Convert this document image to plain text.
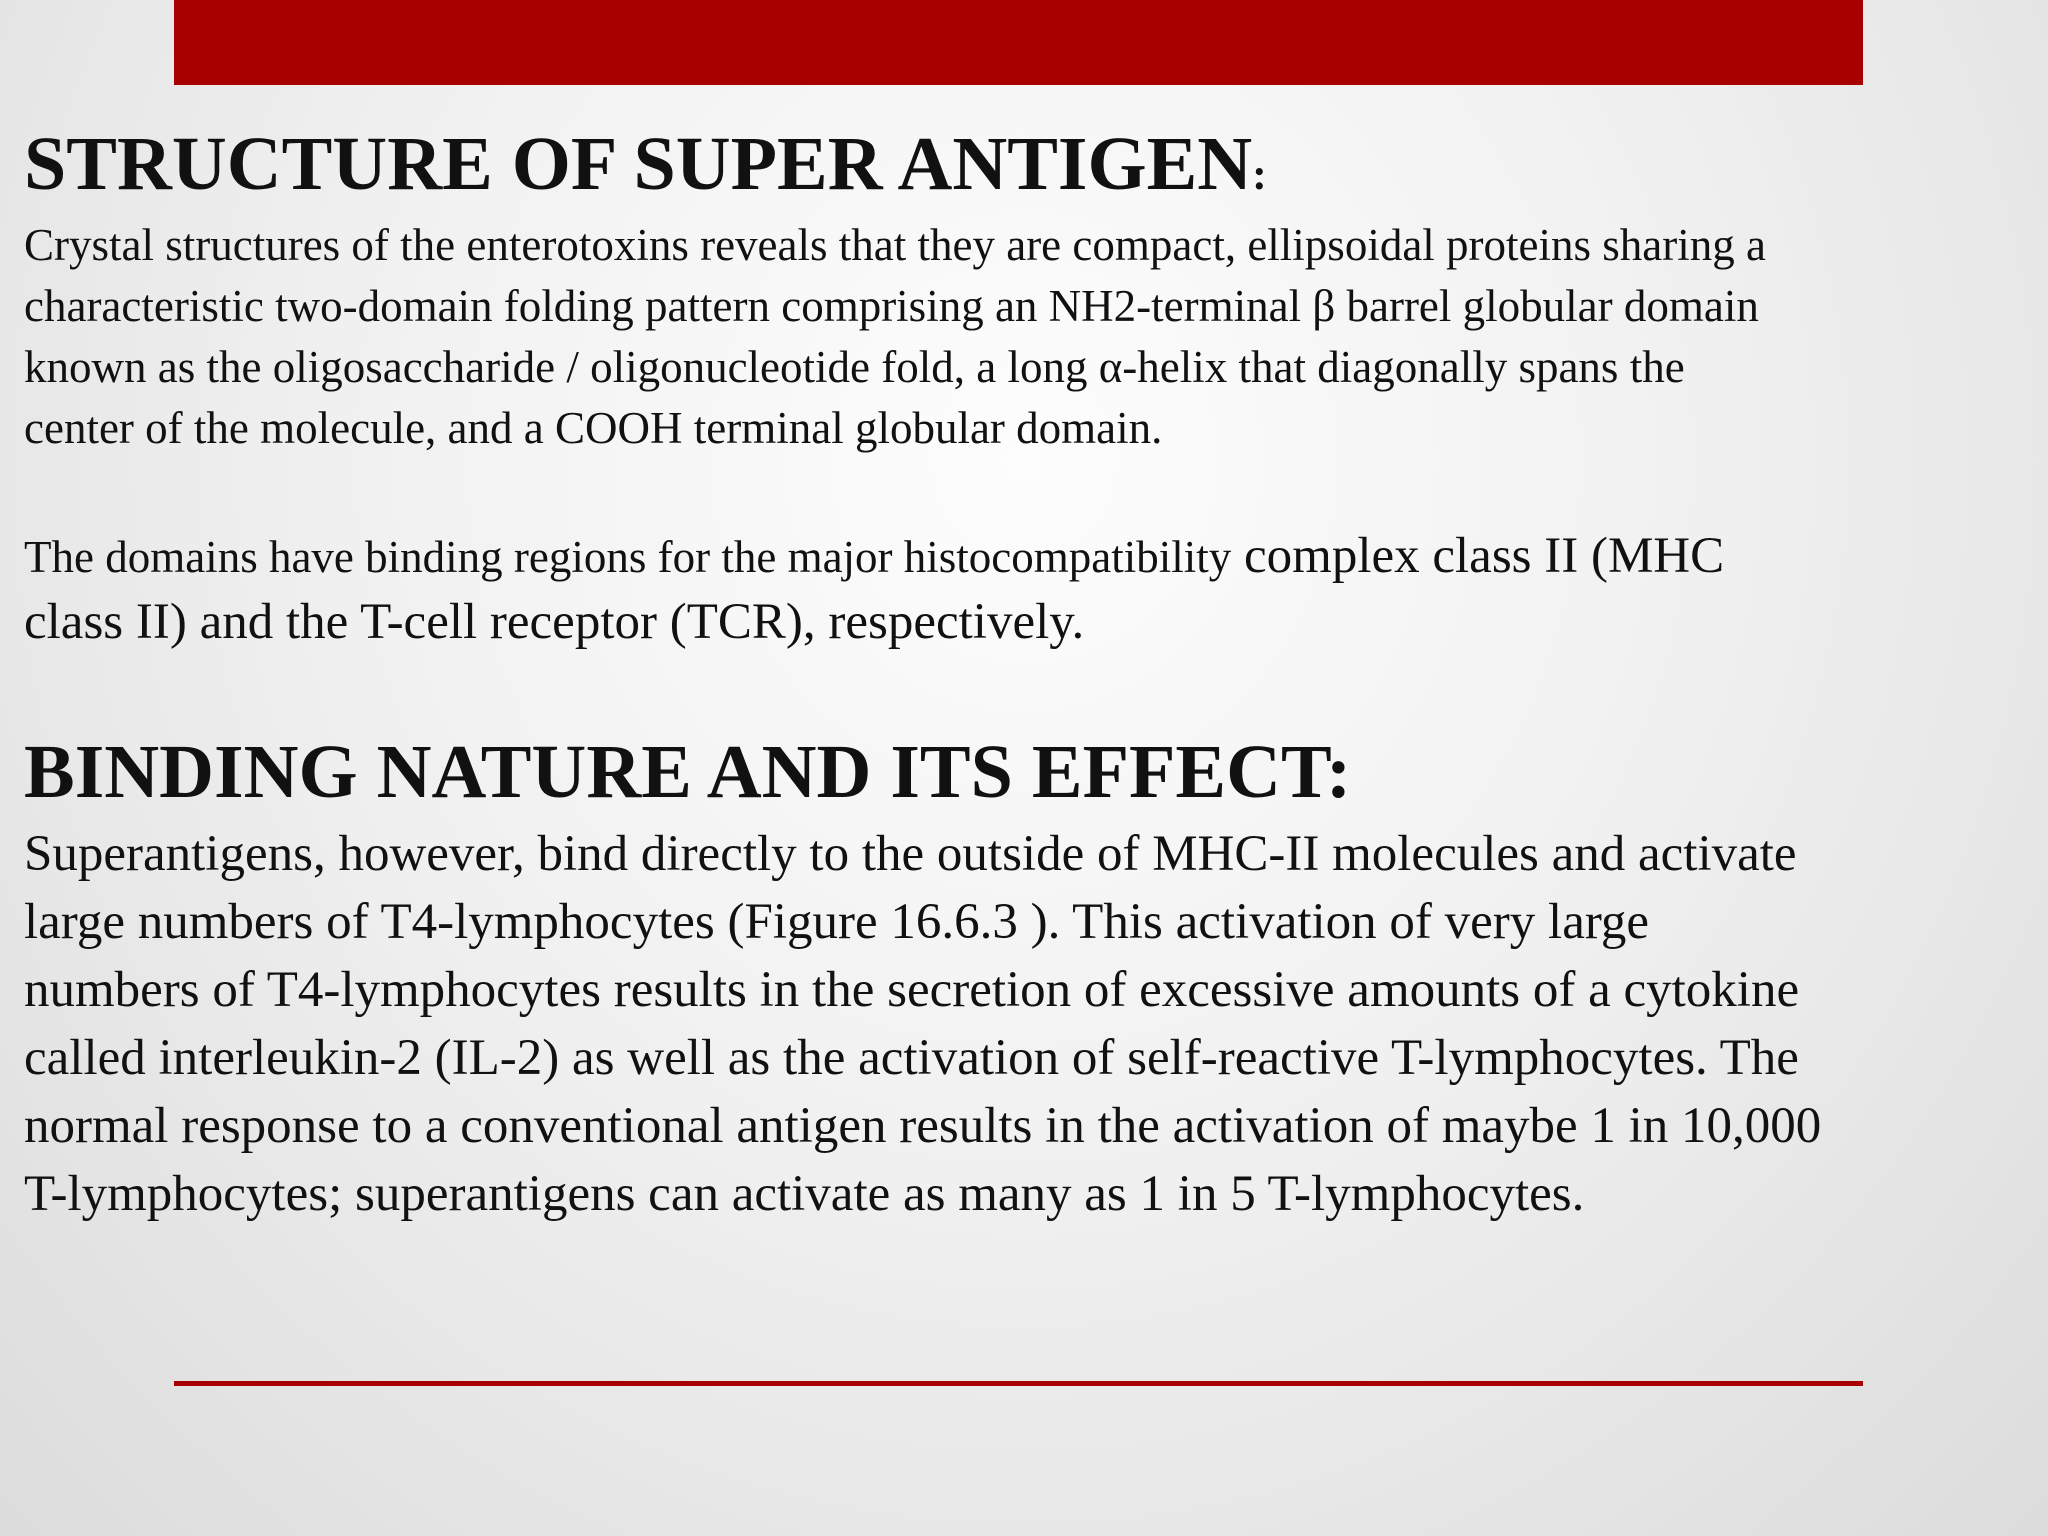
STRUCTURE OF SUPER ANTIGEN:

Crystal structures of the enterotoxins reveals that they are compact, ellipsoidal proteins sharing a
characteristic two-domain folding pattern comprising an NH2-terminal β barrel globular domain
known as the oligosaccharide / oligonucleotide fold, a long α-helix that diagonally spans the
center of the molecule, and a COOH terminal globular domain.

The domains have binding regions for the major histocompatibility complex class II (MHC
class II) and the T-cell receptor (TCR), respectively.

BINDING NATURE AND ITS EFFECT:

Superantigens, however, bind directly to the outside of MHC-II molecules and activate
large numbers of T4-lymphocytes (Figure 16.6.3 ). This activation of very large
numbers of T4-lymphocytes results in the secretion of excessive amounts of a cytokine
called interleukin-2 (IL-2) as well as the activation of self-reactive T-lymphocytes. The
normal response to a conventional antigen results in the activation of maybe 1 in 10,000
T-lymphocytes; superantigens can activate as many as 1 in 5 T-lymphocytes.
